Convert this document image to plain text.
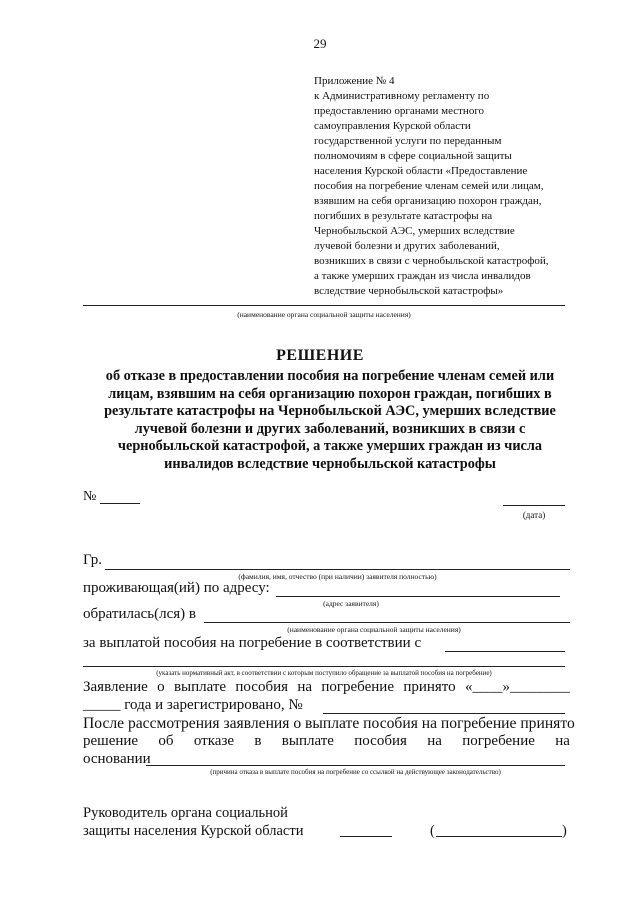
29
Приложение № 4
к Административному регламенту по
предоставлению органами местного
самоуправления Курской области
государственной услуги по переданным
полномочиям в сфере социальной защиты
населения Курской области «Предоставление
пособия на погребение членам семей или лицам,
взявшим на себя организацию похорон граждан,
погибших в результате катастрофы на
Чернобыльской АЭС, умерших вследствие
лучевой болезни и других заболеваний,
возникших в связи с чернобыльской катастрофой,
а также умерших граждан из числа инвалидов
вследствие чернобыльской катастрофы»
(наименование органа социальной защиты населения)
РЕШЕНИЕ
об отказе в предоставлении пособия на погребение членам семей или
лицам, взявшим на себя организацию похорон граждан, погибших в
результате катастрофы на Чернобыльской АЭС, умерших вследствие
лучевой болезни и других заболеваний, возникших в связи с
чернобыльской катастрофой, а также умерших граждан из числа
инвалидов вследствие чернобыльской катастрофы
№
(дата)
Гр.
(фамилия, имя, отчество (при наличии) заявителя полностью)
проживающая(ий) по адресу:
(адрес заявителя)
обратилась(лся) в
(наименование органа социальной защиты населения)
за выплатой пособия на погребение в соответствии с
(указать нормативный акт, в соответствии с которым поступило обращение за выплатой пособия на погребение)
Заявление о выплате пособия на погребение принято «____»________
_____ года и зарегистрировано, №
После рассмотрения заявления о выплате пособия на погребение принято
решение об отказе в выплате пособия на погребение на
основании
(причина отказа в выплате пособия на погребение со ссылкой на действующее законодательство)
Руководитель органа социальной
защиты населения Курской области	(	)
